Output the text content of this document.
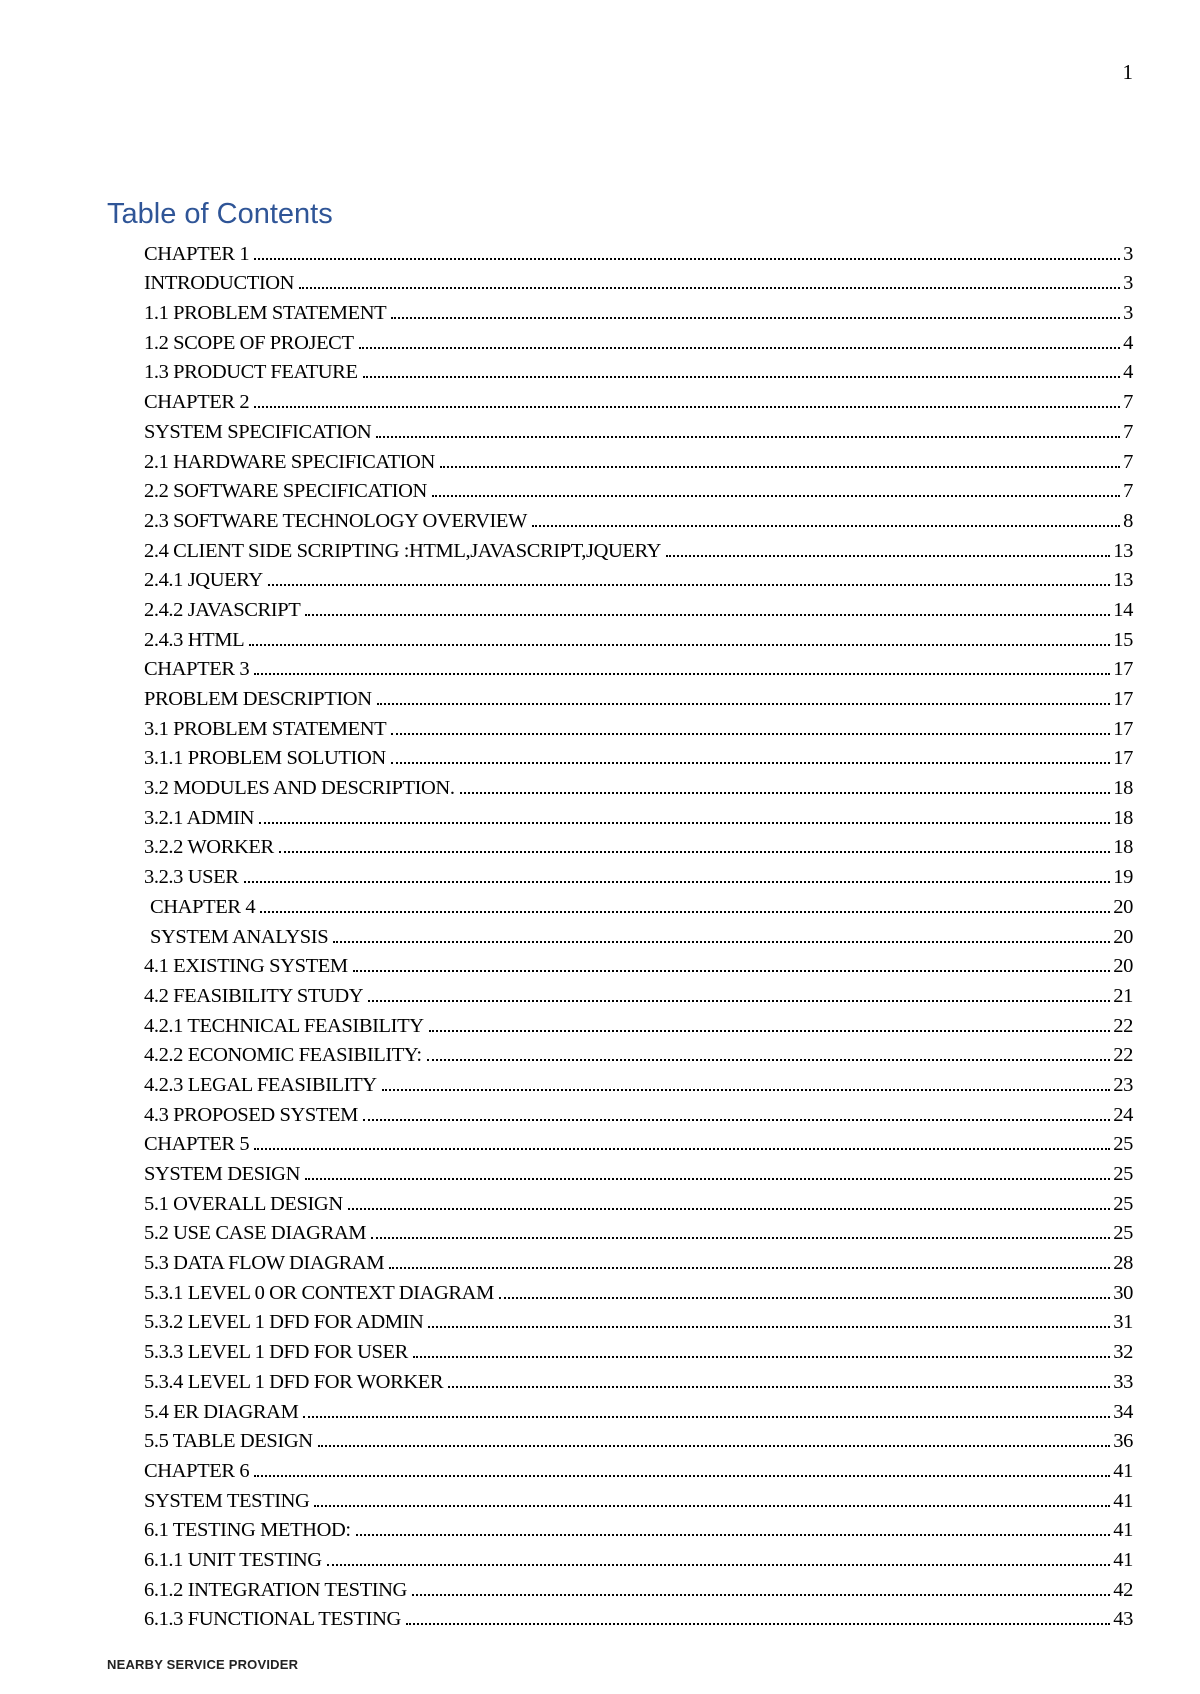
1
Table of Contents
CHAPTER 1	3
INTRODUCTION	3
1.1 PROBLEM STATEMENT	3
1.2 SCOPE OF PROJECT	4
1.3 PRODUCT FEATURE	4
CHAPTER 2	7
SYSTEM SPECIFICATION	7
2.1 HARDWARE SPECIFICATION	7
2.2 SOFTWARE SPECIFICATION	7
2.3 SOFTWARE TECHNOLOGY OVERVIEW	8
2.4 CLIENT SIDE SCRIPTING :HTML,JAVASCRIPT,JQUERY	13
2.4.1 JQUERY	13
2.4.2 JAVASCRIPT	14
2.4.3 HTML	15
CHAPTER 3	17
PROBLEM DESCRIPTION	17
3.1 PROBLEM STATEMENT	17
3.1.1 PROBLEM SOLUTION	17
3.2 MODULES AND DESCRIPTION.	18
3.2.1 ADMIN	18
3.2.2 WORKER	18
3.2.3 USER	19
CHAPTER 4	20
SYSTEM ANALYSIS	20
4.1 EXISTING SYSTEM	20
4.2 FEASIBILITY STUDY	21
4.2.1 TECHNICAL FEASIBILITY	22
4.2.2 ECONOMIC FEASIBILITY:	22
4.2.3 LEGAL FEASIBILITY	23
4.3 PROPOSED SYSTEM	24
CHAPTER 5	25
SYSTEM DESIGN	25
5.1 OVERALL DESIGN	25
5.2 USE CASE DIAGRAM	25
5.3 DATA FLOW DIAGRAM	28
5.3.1 LEVEL 0 OR CONTEXT DIAGRAM	30
5.3.2 LEVEL 1 DFD FOR ADMIN	31
5.3.3 LEVEL 1 DFD FOR USER	32
5.3.4 LEVEL 1 DFD FOR WORKER	33
5.4 ER DIAGRAM	34
5.5 TABLE DESIGN	36
CHAPTER 6	41
SYSTEM TESTING	41
6.1 TESTING METHOD:	41
6.1.1 UNIT TESTING	41
6.1.2 INTEGRATION TESTING	42
6.1.3 FUNCTIONAL TESTING	43
NEARBY SERVICE PROVIDER
